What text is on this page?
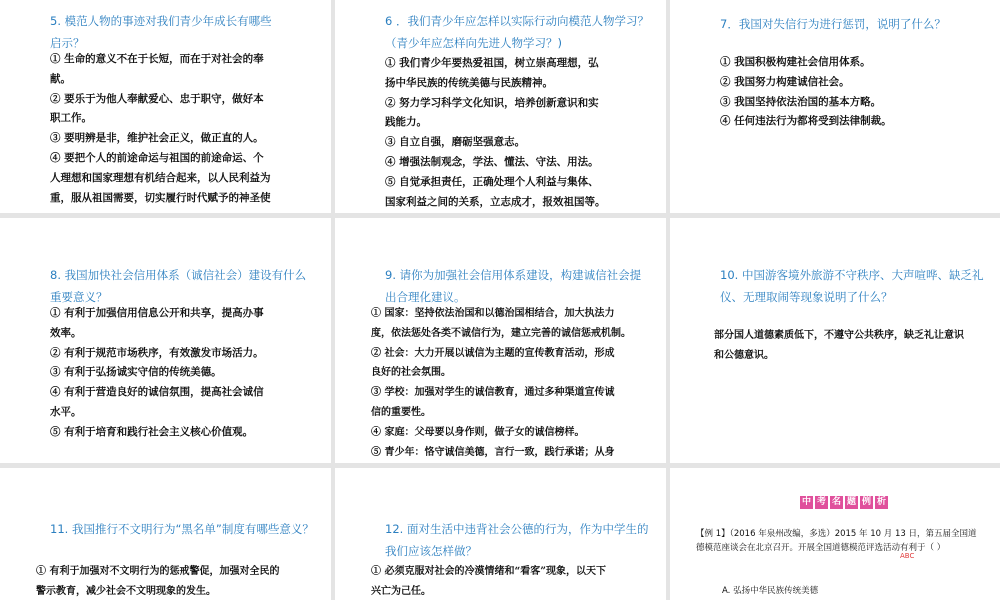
5. 模范人物的事迹对我们青少年成长有哪些
启示？
① 生命的意义不在于长短，而在于对社会的奉
献。
② 要乐于为他人奉献爱心、忠于职守，做好本
职工作。
③ 要明辨是非，维护社会正义，做正直的人。
④ 要把个人的前途命运与祖国的前途命运、个
人理想和国家理想有机结合起来，以人民利益为
重，服从祖国需要，切实履行时代赋予的神圣使
6 ．我们青少年应怎样以实际行动向模范人物学习？
（青少年应怎样向先进人物学习？)
① 我们青少年要热爱祖国，树立崇高理想，弘
扬中华民族的传统美德与民族精神。
② 努力学习科学文化知识，培养创新意识和实
践能力。
③ 自立自强，磨砺坚强意志。
④ 增强法制观念，学法、懂法、守法、用法。
⑤ 自觉承担责任，正确处理个人利益与集体、
国家利益之间的关系，立志成才，报效祖国等。
7．我国对失信行为进行惩罚，说明了什么？
① 我国积极构建社会信用体系。
② 我国努力构建诚信社会。
③ 我国坚持依法治国的基本方略。
④ 任何违法行为都将受到法律制裁。
8. 我国加快社会信用体系（诚信社会）建设有什么
重要意义？
① 有利于加强信用信息公开和共享，提高办事
效率。
② 有利于规范市场秩序，有效激发市场活力。
③ 有利于弘扬诚实守信的传统美德。
④ 有利于营造良好的诚信氛围，提高社会诚信
水平。
⑤ 有利于培育和践行社会主义核心价值观。
9. 请你为加强社会信用体系建设，构建诚信社会提
出合理化建议。
① 国家：坚持依法治国和以德治国相结合，加大执法力
度，依法惩处各类不诚信行为，建立完善的诚信惩戒机制。
② 社会：大力开展以诚信为主题的宣传教育活动，形成
良好的社会氛围。
③ 学校：加强对学生的诚信教育，通过多种渠道宣传诚
信的重要性。
④ 家庭：父母要以身作则，做子女的诚信榜样。
⑤ 青少年：恪守诚信美德，言行一致，践行承诺；从身
10. 中国游客境外旅游不守秩序、大声喧哗、缺乏礼
仪、无理取闹等现象说明了什么？
部分国人道德素质低下，不遵守公共秩序，缺乏礼让意识
和公德意识。
11. 我国推行不文明行为“黑名单”制度有哪些意义？
① 有利于加强对不文明行为的惩戒警促，加强对全民的
警示教育，减少社会不文明现象的发生。
12. 面对生活中违背社会公德的行为，作为中学生的
我们应该怎样做？
① 必须克服对社会的冷漠情绪和“看客”现象，以天下
兴亡为己任。
中 考 名 题 例 析
【例 1】（2016 年泉州改编，多选）2015 年 10 月 13 日，第五届全国道
德模范座谈会在北京召开。开展全国道德模范评选活动有利于（ ）
ABC
A. 弘扬中华民族传统美德
